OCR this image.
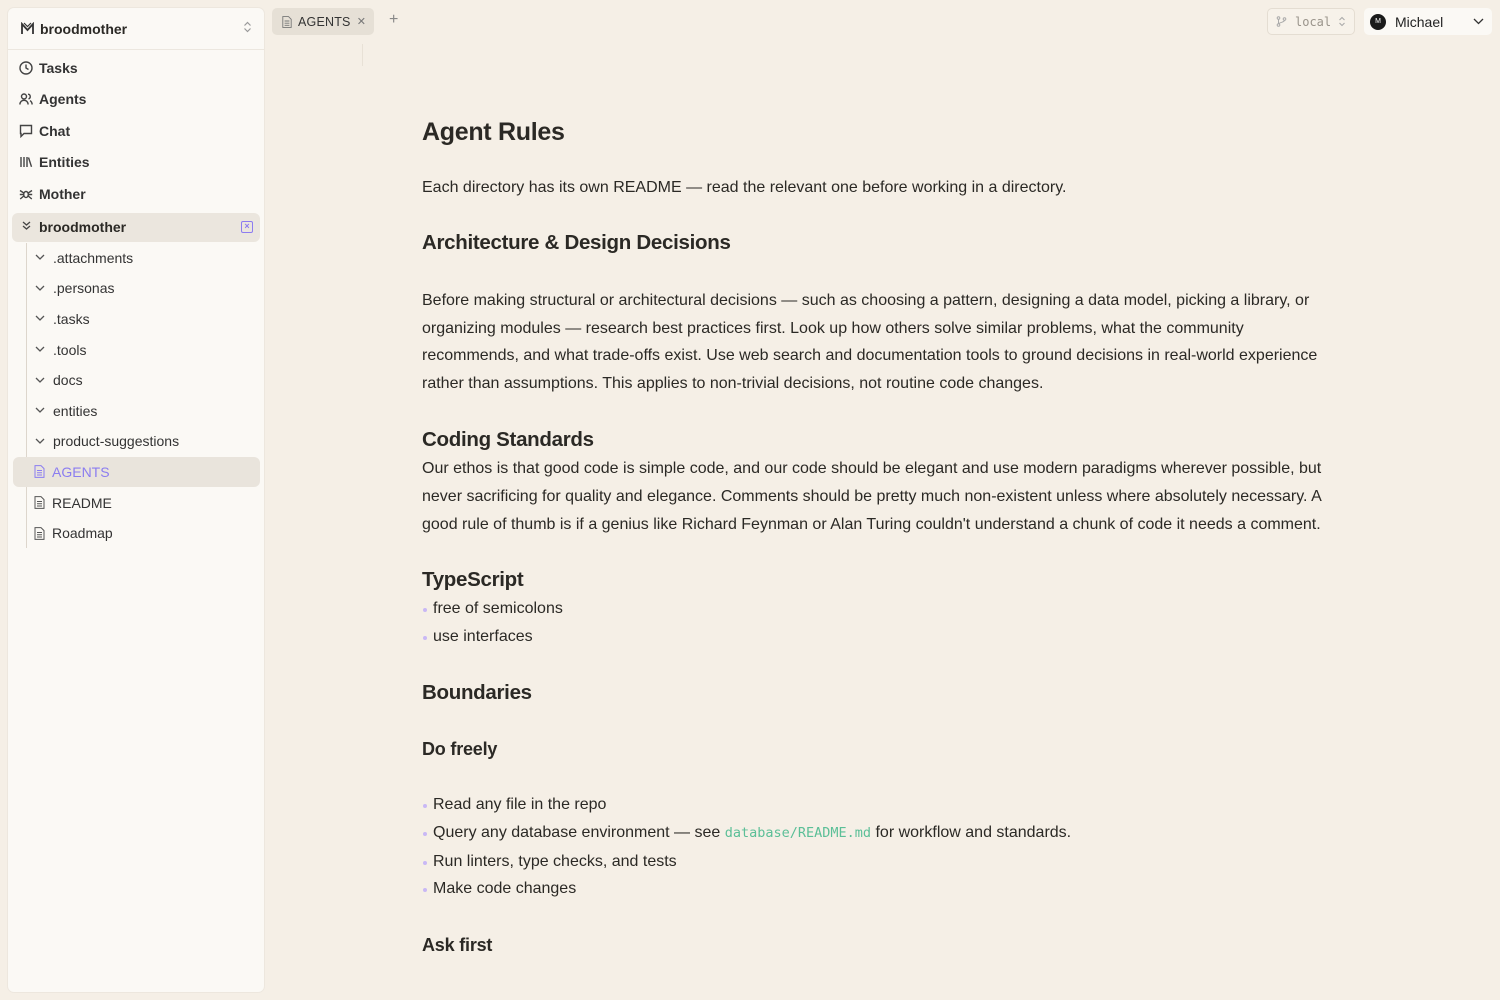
broodmother
Tasks
Agents
Chat
Entities
Mother
broodmother	×
.attachments
.personas
.tasks
.tools
docs
entities
product-suggestions
AGENTS
README
Roadmap
AGENTS ✕ +	local	M	Michael
Agent Rules

Each directory has its own README — read the relevant one before working in a directory.

Architecture & Design Decisions

Before making structural or architectural decisions — such as choosing a pattern, designing a data model, picking a library, or organizing modules — research best practices first. Look up how others solve similar problems, what the community recommends, and what trade-offs exist. Use web search and documentation tools to ground decisions in real-world experience rather than assumptions. This applies to non-trivial decisions, not routine code changes.

Coding Standards

Our ethos is that good code is simple code, and our code should be elegant and use modern paradigms wherever possible, but never sacrificing for quality and elegance. Comments should be pretty much non-existent unless where absolutely necessary. A good rule of thumb is if a genius like Richard Feynman or Alan Turing couldn't understand a chunk of code it needs a comment.

TypeScript
free of semicolons
use interfaces
Boundaries
Do freely
Read any file in the repo
Query any database environment — see database/README.md for workflow and standards.
Run linters, type checks, and tests
Make code changes
Ask first
